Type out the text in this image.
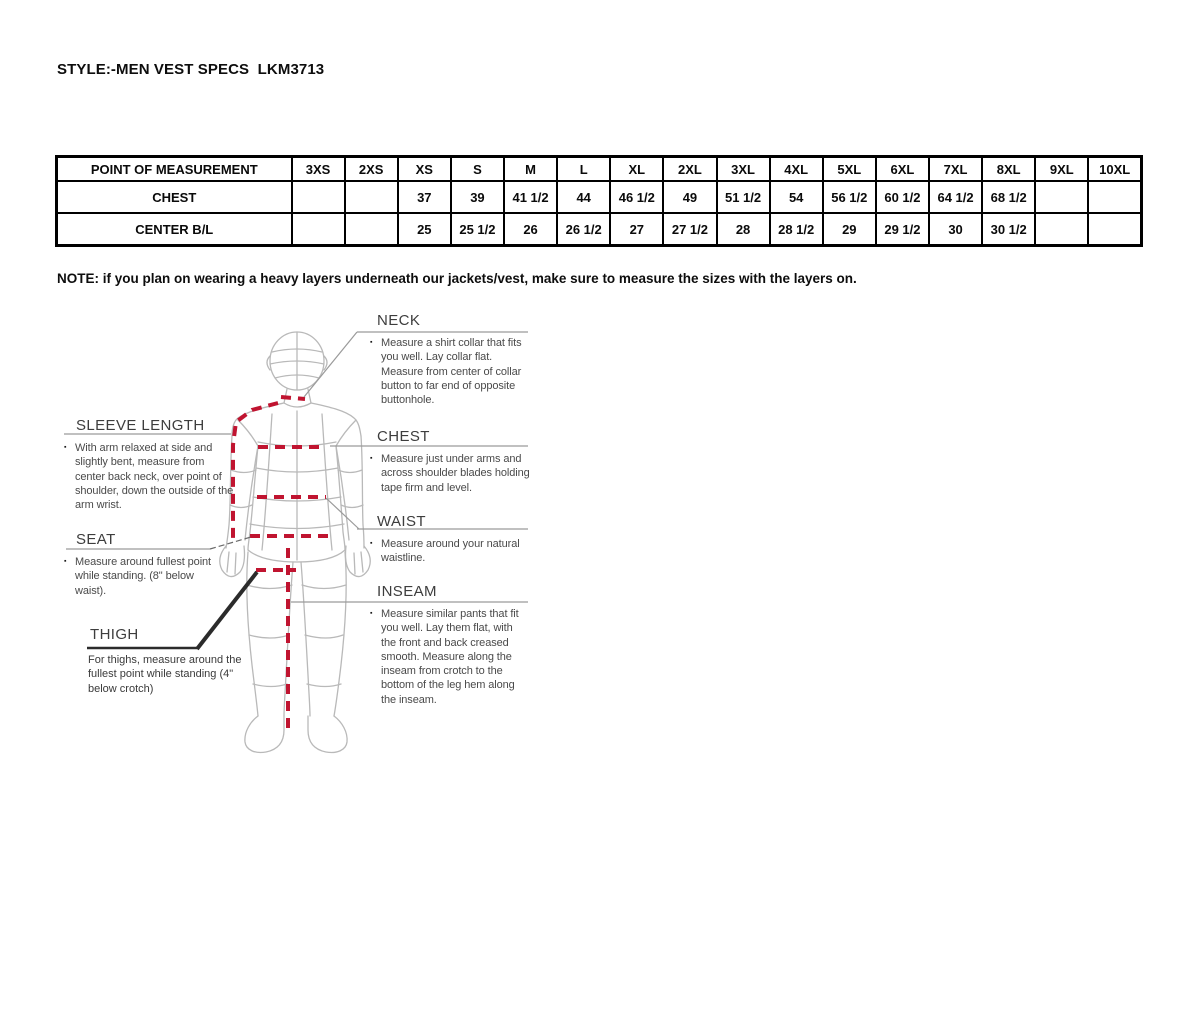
STYLE:-MEN VEST SPECS  LKM3713
POINT OF MEASUREMENT	3XS	2XS	XS	S	M	L	XL	2XL	3XL	4XL	5XL	6XL	7XL	8XL	9XL	10XL
CHEST			37	39	41 1/2	44	46 1/2	49	51 1/2	54	56 1/2	60 1/2	64 1/2	68 1/2		
CENTER B/L			25	25 1/2	26	26 1/2	27	27 1/2	28	28 1/2	29	29 1/2	30	30 1/2		
NOTE: if you plan on wearing a heavy layers underneath our jackets/vest, make sure to measure the sizes with the layers on.
NECK
▪ Measure a shirt collar that fits you well. Lay collar flat. Measure from center of collar button to far end of opposite buttonhole.
CHEST
▪ Measure just under arms and across shoulder blades holding tape firm and level.
WAIST
▪ Measure around your natural waistline.
INSEAM
▪ Measure similar pants that fit you well. Lay them flat, with the front and back creased smooth. Measure along the inseam from crotch to the bottom of the leg hem along the inseam.
SLEEVE LENGTH
▪ With arm relaxed at side and slightly bent, measure from center back neck, over point of shoulder, down the outside of the arm wrist.
SEAT
▪ Measure around fullest point while standing. (8" below waist).
THIGH
For thighs, measure around the fullest point while standing (4" below crotch)
